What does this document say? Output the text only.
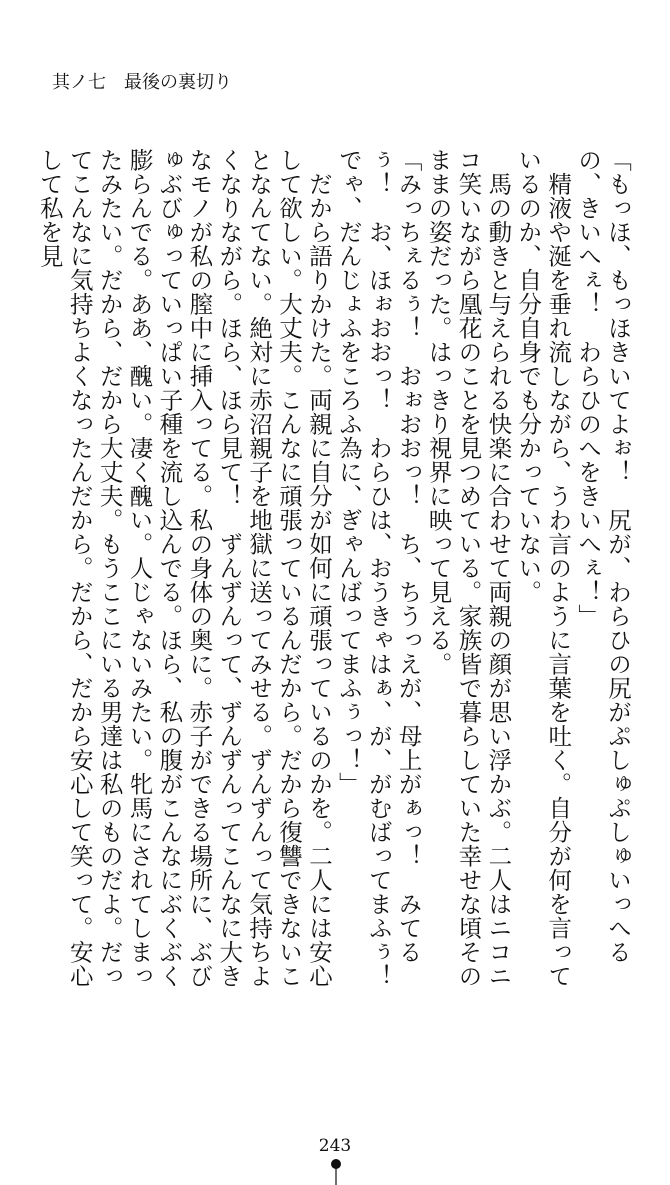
其ノ七　最後の裏切り

「もっほ、もっほきいてよぉ！　尻が、わらひの尻がぷしゅぷしゅいっへるの、きいへぇ！　わらひのへをきいへぇ！」

　精液や涎を垂れ流しながら、うわ言のように言葉を吐く。自分が何を言っているのか、自分自身でも分かっていない。

　馬の動きと与えられる快楽に合わせて両親の顔が思い浮かぶ。二人はニコニコ笑いながら凰花のことを見つめている。家族皆で暮らしていた幸せな頃そのままの姿だった。はっきり視界に映って見える。

「みっちぇるぅ！　おぉおおっ！　ち、ちうっえが、母上がぁっ！　みてるぅ！　お、ほぉおおっ！　わらひは、おうきゃはぁ、が、がむばってまふぅ！　でゃ、だんじょふをころふ為に、ぎゃんばってまふぅっ！」

　だから語りかけた。両親に自分が如何に頑張っているのかを。二人には安心して欲しい。大丈夫。こんなに頑張っているんだから。だから復讐できないことなんてない。絶対に赤沼親子を地獄に送ってみせる。ずんずんって気持ちよくなりながら。ほら、ほら見て！　ずんずんって、ずんずんってこんなに大きなモノが私の膣中に挿入ってる。私の身体の奥に。赤子ができる場所に、ぶびゅぶびゅっていっぱい子種を流し込んでる。ほら、私の腹がこんなにぶくぶく膨らんでる。ああ、醜い。凄く醜い。人じゃないみたい。牝馬にされてしまったみたい。だから、だから大丈夫。もうここにいる男達は私のものだよ。だってこんなに気持ちよくなったんだから。だから、だから安心して笑って。安心して私を見

243
